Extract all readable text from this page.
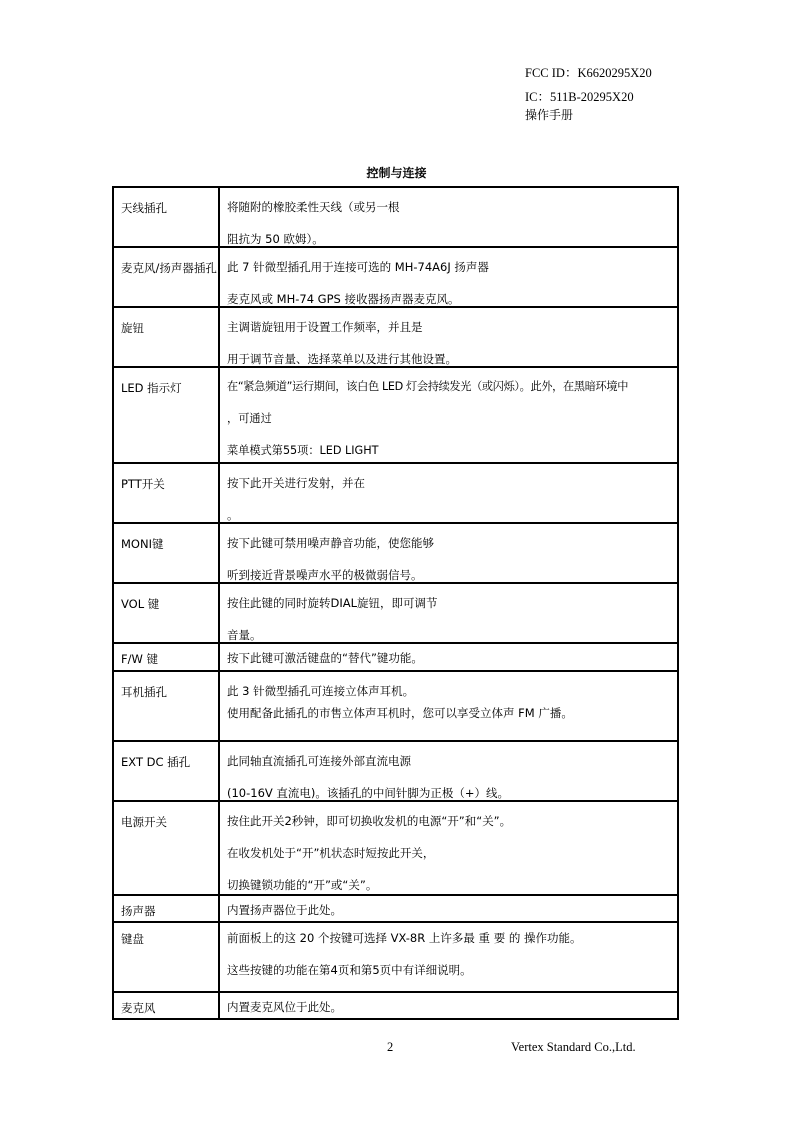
FCC ID：K6620295X20
IC：511B-20295X20
操作手册
控制与连接
天线插孔	将随附的橡胶柔性天线（或另一根
阻抗为 50 欧姆）。

麦克风/扬声器插孔	此 7 针微型插孔用于连接可选的 MH-74A6J 扬声器
麦克风或 MH-74 GPS 接收器扬声器麦克风。

旋钮	主调谐旋钮用于设置工作频率，并且是
用于调节音量、选择菜单以及进行其他设置。

LED 指示灯	在“紧急频道”运行期间，该白色 LED 灯会持续发光（或闪烁）。此外，在黑暗环境中
，可通过
菜单模式第55项：LED LIGHT

PTT开关	按下此开关进行发射，并在
。

MONI键	按下此键可禁用噪声静音功能，使您能够
听到接近背景噪声水平的极微弱信号。

VOL 键	按住此键的同时旋转DIAL旋钮，即可调节
音量。

F/W 键	按下此键可激活键盘的“替代”键功能。

耳机插孔	此 3 针微型插孔可连接立体声耳机。
使用配备此插孔的市售立体声耳机时，您可以享受立体声 FM 广播。

EXT DC 插孔	此同轴直流插孔可连接外部直流电源
(10-16V 直流电)。该插孔的中间针脚为正极（+）线。

电源开关	按住此开关2秒钟，即可切换收发机的电源“开”和“关”。
在收发机处于“开”机状态时短按此开关，
切换键锁功能的“开”或“关”。

扬声器	内置扬声器位于此处。

键盘	前面板上的这 20 个按键可选择 VX-8R 上许多最 重 要 的 操作功能。
这些按键的功能在第4页和第5页中有详细说明。

麦克风	内置麦克风位于此处。
2	Vertex Standard Co.,Ltd.
